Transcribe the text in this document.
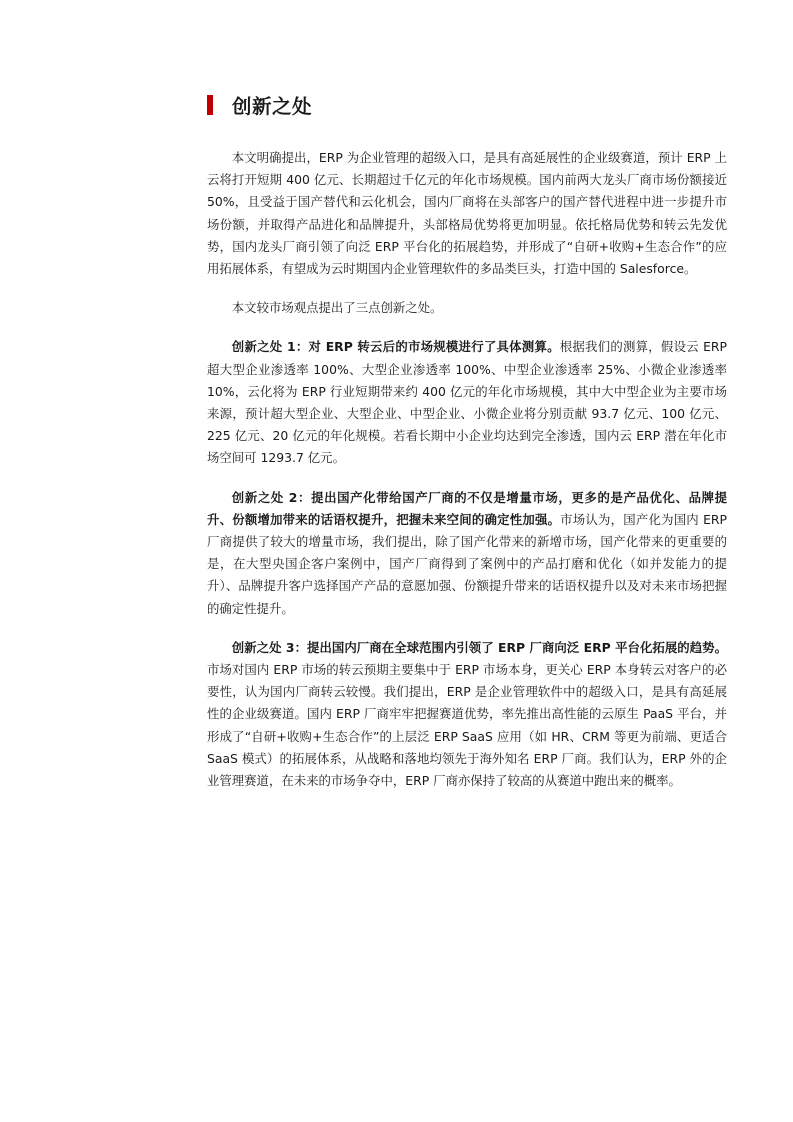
创新之处

本文明确提出，ERP 为企业管理的超级入口，是具有高延展性的企业级赛道，预计 ERP 上云将打开短期 400 亿元、长期超过千亿元的年化市场规模。国内前两大龙头厂商市场份额接近 50%，且受益于国产替代和云化机会，国内厂商将在头部客户的国产替代进程中进一步提升市场份额，并取得产品进化和品牌提升，头部格局优势将更加明显。依托格局优势和转云先发优势，国内龙头厂商引领了向泛 ERP 平台化的拓展趋势，并形成了“自研+收购+生态合作”的应用拓展体系，有望成为云时期国内企业管理软件的多品类巨头，打造中国的 Salesforce。

本文较市场观点提出了三点创新之处。

创新之处 1：对 ERP 转云后的市场规模进行了具体测算。根据我们的测算，假设云 ERP 超大型企业渗透率 100%、大型企业渗透率 100%、中型企业渗透率 25%、小微企业渗透率 10%，云化将为 ERP 行业短期带来约 400 亿元的年化市场规模，其中大中型企业为主要市场来源，预计超大型企业、大型企业、中型企业、小微企业将分别贡献 93.7 亿元、100 亿元、225 亿元、20 亿元的年化规模。若看长期中小企业均达到完全渗透，国内云 ERP 潜在年化市场空间可 1293.7 亿元。

创新之处 2：提出国产化带给国产厂商的不仅是增量市场，更多的是产品优化、品牌提升、份额增加带来的话语权提升，把握未来空间的确定性加强。市场认为，国产化为国内 ERP 厂商提供了较大的增量市场，我们提出，除了国产化带来的新增市场，国产化带来的更重要的是，在大型央国企客户案例中，国产厂商得到了案例中的产品打磨和优化（如并发能力的提升）、品牌提升客户选择国产产品的意愿加强、份额提升带来的话语权提升以及对未来市场把握的确定性提升。

创新之处 3：提出国内厂商在全球范围内引领了 ERP 厂商向泛 ERP 平台化拓展的趋势。市场对国内 ERP 市场的转云预期主要集中于 ERP 市场本身，更关心 ERP 本身转云对客户的必要性，认为国内厂商转云较慢。我们提出，ERP 是企业管理软件中的超级入口，是具有高延展性的企业级赛道。国内 ERP 厂商牢牢把握赛道优势，率先推出高性能的云原生 PaaS 平台，并形成了“自研+收购+生态合作”的上层泛 ERP SaaS 应用（如 HR、CRM 等更为前端、更适合 SaaS 模式）的拓展体系，从战略和落地均领先于海外知名 ERP 厂商。我们认为，ERP 外的企业管理赛道，在未来的市场争夺中，ERP 厂商亦保持了较高的从赛道中跑出来的概率。
